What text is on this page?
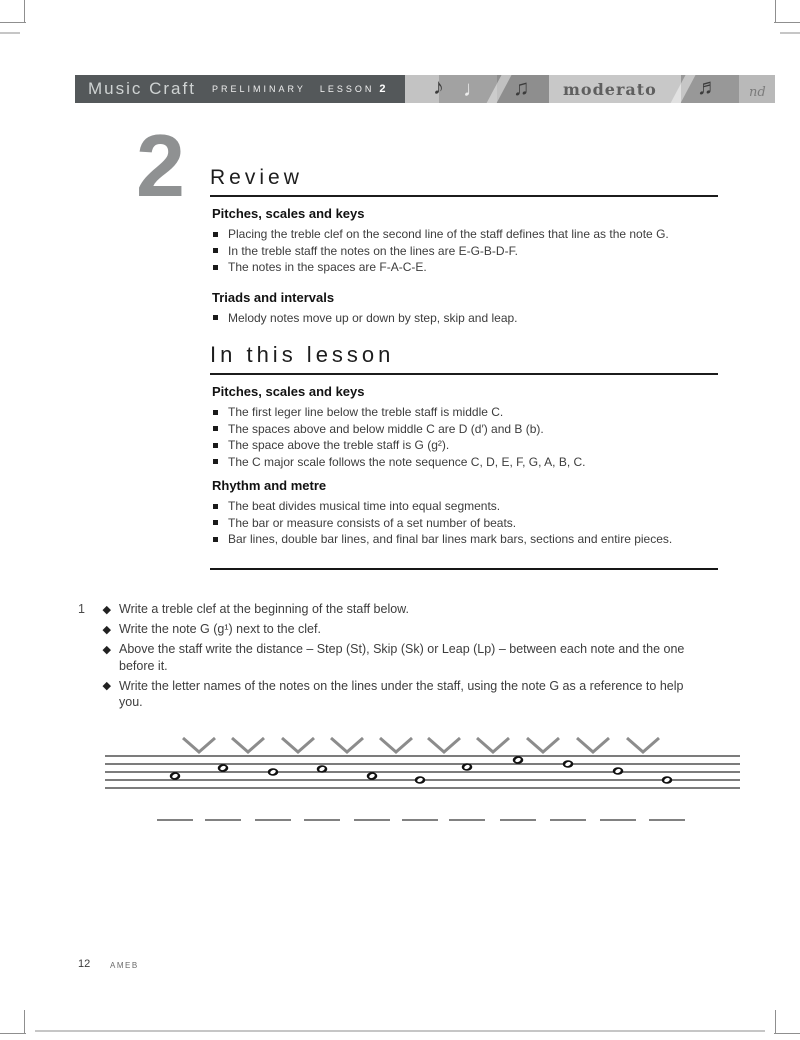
Music Craft PRELIMINARY LESSON 2 ♪ ♩ ♫	♬
moderato	nd
2 Review
Pitches, scales and keys
Placing the treble clef on the second line of the staff defines that line as the note G.
In the treble staff the notes on the lines are E-G-B-D-F.
The notes in the spaces are F-A-C-E.
Triads and intervals
Melody notes move up or down by step, skip and leap.
In this lesson
Pitches, scales and keys
The first leger line below the treble staff is middle C.
The spaces above and below middle C are D (d′) and B (b).
The space above the treble staff is G (g²).
The C major scale follows the note sequence C, D, E, F, G, A, B, C.
Rhythm and metre
The beat divides musical time into equal segments.
The bar or measure consists of a set number of beats.
Bar lines, double bar lines, and final bar lines mark bars, sections and entire pieces.
1	Write a treble clef at the beginning of the staff below.
Write the note G (g¹) next to the clef.
Above the staff write the distance – Step (St), Skip (Sk) or Leap (Lp) – between each note and the one before it.
Write the letter names of the notes on the lines under the staff, using the note G as a reference to help you.
12 AMEB
